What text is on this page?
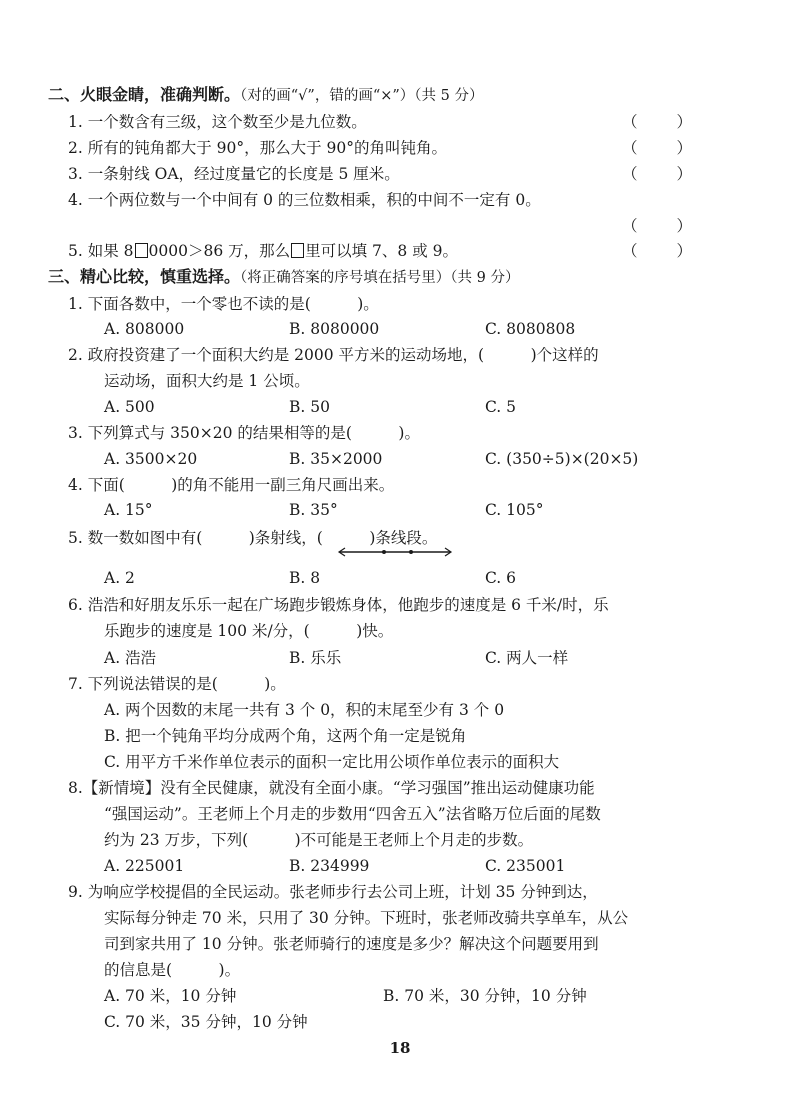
二、火眼金睛，准确判断。（对的画“√”，错的画“×”）（共 5 分）
1. 一个数含有三级，这个数至少是九位数。	（	）
2. 所有的钝角都大于 90°，那么大于 90°的角叫钝角。	（	）
3. 一条射线 OA，经过度量它的长度是 5 厘米。	（	）
4. 一个两位数与一个中间有 0 的三位数相乘，积的中间不一定有 0。
（	）
5. 如果 8 0000＞86 万，那么 里可以填 7、8 或 9。	（	）
三、精心比较，慎重选择。（将正确答案的序号填在括号里）（共 9 分）
1. 下面各数中，一个零也不读的是(　　　)。
A. 808000	B. 8080000	C. 8080808
2. 政府投资建了一个面积大约是 2000 平方米的运动场地，(　　　)个这样的
运动场，面积大约是 1 公顷。
A. 500	B. 50	C. 5
3. 下列算式与 350×20 的结果相等的是(　　　)。
A. 3500×20	B. 35×2000	C. (350÷5)×(20×5)
4. 下面(　　　)的角不能用一副三角尺画出来。
A. 15°	B. 35°	C. 105°
5. 数一数如图中有(　　　)条射线，(　　　)条线段。
A. 2	B. 8	C. 6
6. 浩浩和好朋友乐乐一起在广场跑步锻炼身体，他跑步的速度是 6 千米/时，乐
乐跑步的速度是 100 米/分，(　　　)快。
A. 浩浩	B. 乐乐	C. 两人一样
7. 下列说法错误的是(　　　)。
A. 两个因数的末尾一共有 3 个 0，积的末尾至少有 3 个 0
B. 把一个钝角平均分成两个角，这两个角一定是锐角
C. 用平方千米作单位表示的面积一定比用公顷作单位表示的面积大
8.【新情境】没有全民健康，就没有全面小康。“学习强国”推出运动健康功能
“强国运动”。王老师上个月走的步数用“四舍五入”法省略万位后面的尾数
约为 23 万步，下列(　　　)不可能是王老师上个月走的步数。
A. 225001	B. 234999	C. 235001
9. 为响应学校提倡的全民运动。张老师步行去公司上班，计划 35 分钟到达，
实际每分钟走 70 米，只用了 30 分钟。下班时，张老师改骑共享单车，从公
司到家共用了 10 分钟。张老师骑行的速度是多少？解决这个问题要用到
的信息是(　　　)。
A. 70 米，10 分钟	B. 70 米，30 分钟，10 分钟
C. 70 米，35 分钟，10 分钟
18
